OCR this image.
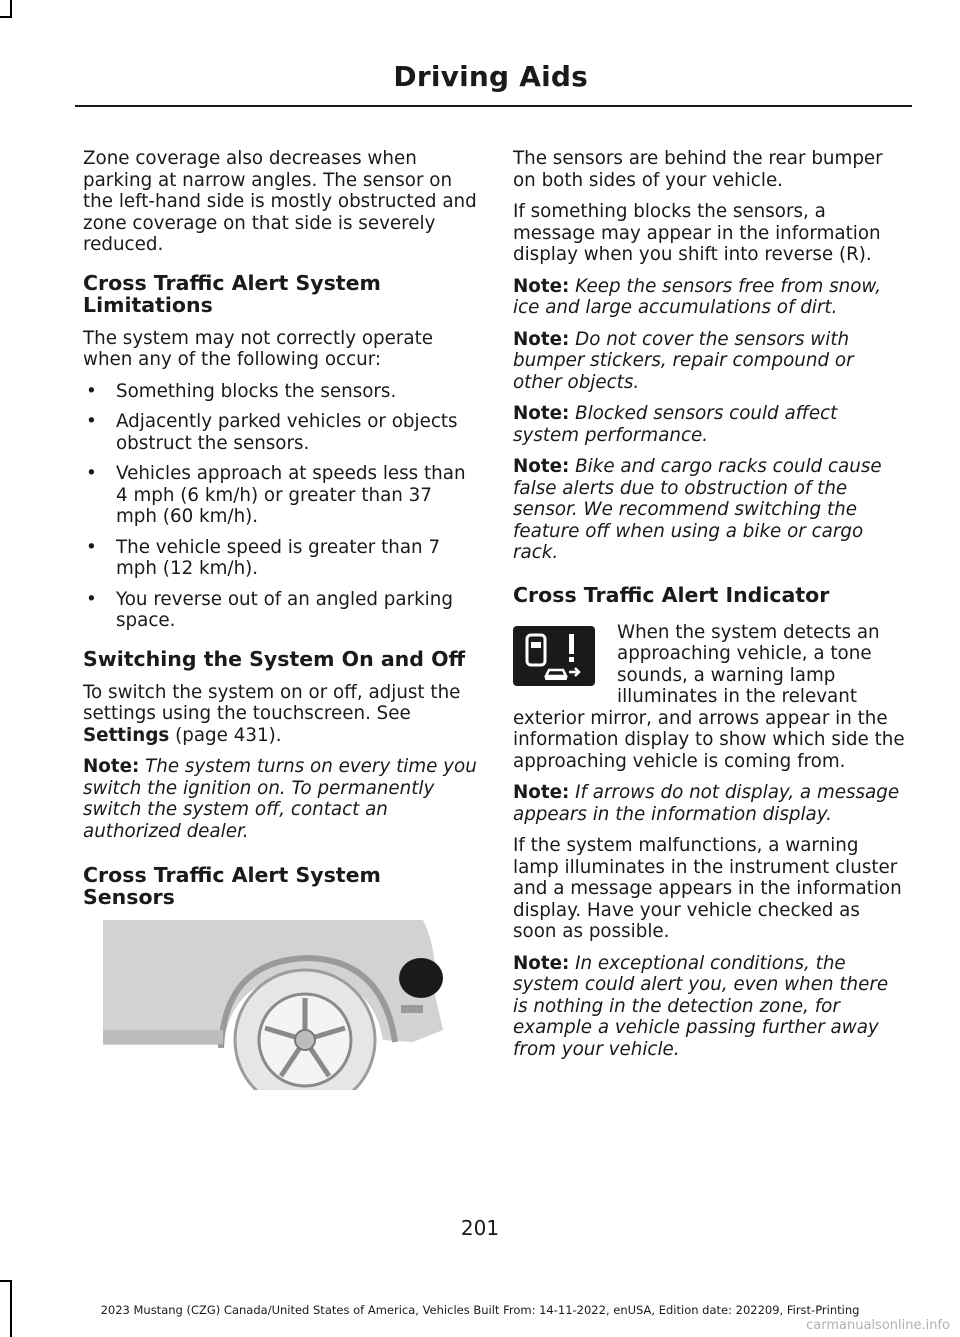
Driving Aids

Zone coverage also decreases when parking at narrow angles. The sensor on the left-hand side is mostly obstructed and zone coverage on that side is severely reduced.

Cross Traffic Alert System Limitations

The system may not correctly operate when any of the following occur:

• Something blocks the sensors.
• Adjacently parked vehicles or objects obstruct the sensors.
• Vehicles approach at speeds less than 4 mph (6 km/h) or greater than 37 mph (60 km/h).
• The vehicle speed is greater than 7 mph (12 km/h).
• You reverse out of an angled parking space.
Switching the System On and Off

To switch the system on or off, adjust the settings using the touchscreen. See Settings (page 431).

Note: The system turns on every time you switch the ignition on. To permanently switch the system off, contact an authorized dealer.

Cross Traffic Alert System Sensors

The sensors are behind the rear bumper on both sides of your vehicle.

If something blocks the sensors, a message may appear in the information display when you shift into reverse (R).

Note: Keep the sensors free from snow, ice and large accumulations of dirt.

Note: Do not cover the sensors with bumper stickers, repair compound or other objects.

Note: Blocked sensors could affect system performance.

Note: Bike and cargo racks could cause false alerts due to obstruction of the sensor. We recommend switching the feature off when using a bike or cargo rack.

Cross Traffic Alert Indicator

When the system detects an approaching vehicle, a tone sounds, a warning lamp illuminates in the relevant exterior mirror, and arrows appear in the information display to show which side the approaching vehicle is coming from.

Note: If arrows do not display, a message appears in the information display.

If the system malfunctions, a warning lamp illuminates in the instrument cluster and a message appears in the information display. Have your vehicle checked as soon as possible.

Note: In exceptional conditions, the system could alert you, even when there is nothing in the detection zone, for example a vehicle passing further away from your vehicle.

201
2023 Mustang (CZG) Canada/United States of America, Vehicles Built From: 14-11-2022, enUSA, Edition date: 202209, First-Printing
carmanualsonline.info
